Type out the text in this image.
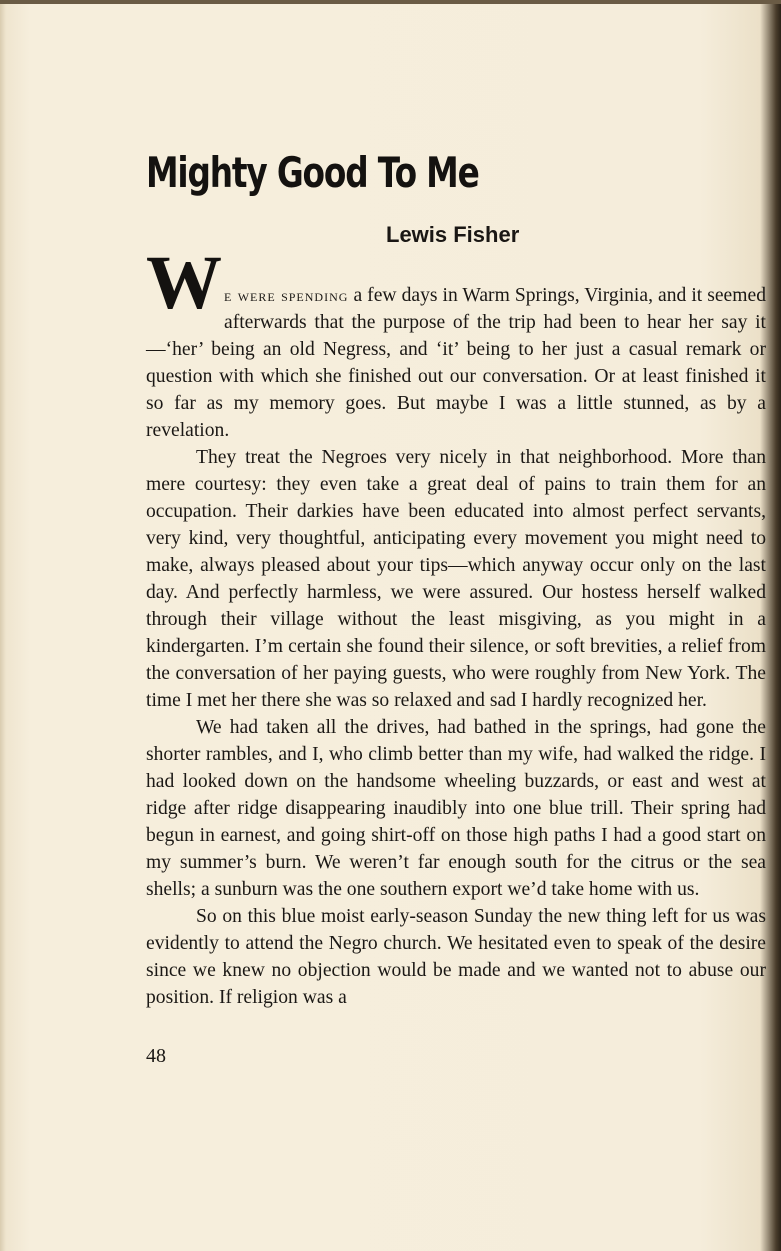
Mighty Good To Me
Lewis Fisher

We were spending a few days in Warm Springs, Virginia, and it seemed afterwards that the purpose of the trip had been to hear her say it—‘her’ being an old Negress, and ‘it’ being to her just a casual remark or question with which she finished out our conversation. Or at least finished it so far as my memory goes. But maybe I was a little stunned, as by a revelation.

They treat the Negroes very nicely in that neighborhood. More than mere courtesy: they even take a great deal of pains to train them for an occupation. Their darkies have been educated into almost perfect servants, very kind, very thoughtful, anticipating every movement you might need to make, always pleased about your tips—which anyway occur only on the last day. And perfectly harmless, we were assured. Our hostess herself walked through their village without the least misgiving, as you might in a kindergarten. I’m certain she found their silence, or soft brevities, a relief from the conversation of her paying guests, who were roughly from New York. The time I met her there she was so relaxed and sad I hardly recognized her.

We had taken all the drives, had bathed in the springs, had gone the shorter rambles, and I, who climb better than my wife, had walked the ridge. I had looked down on the handsome wheeling buzzards, or east and west at ridge after ridge disappearing inaudibly into one blue trill. Their spring had begun in earnest, and going shirt-off on those high paths I had a good start on my summer’s burn. We weren’t far enough south for the citrus or the sea shells; a sunburn was the one southern export we’d take home with us.

So on this blue moist early-season Sunday the new thing left for us was evidently to attend the Negro church. We hesitated even to speak of the desire since we knew no objection would be made and we wanted not to abuse our position. If religion was a

48
